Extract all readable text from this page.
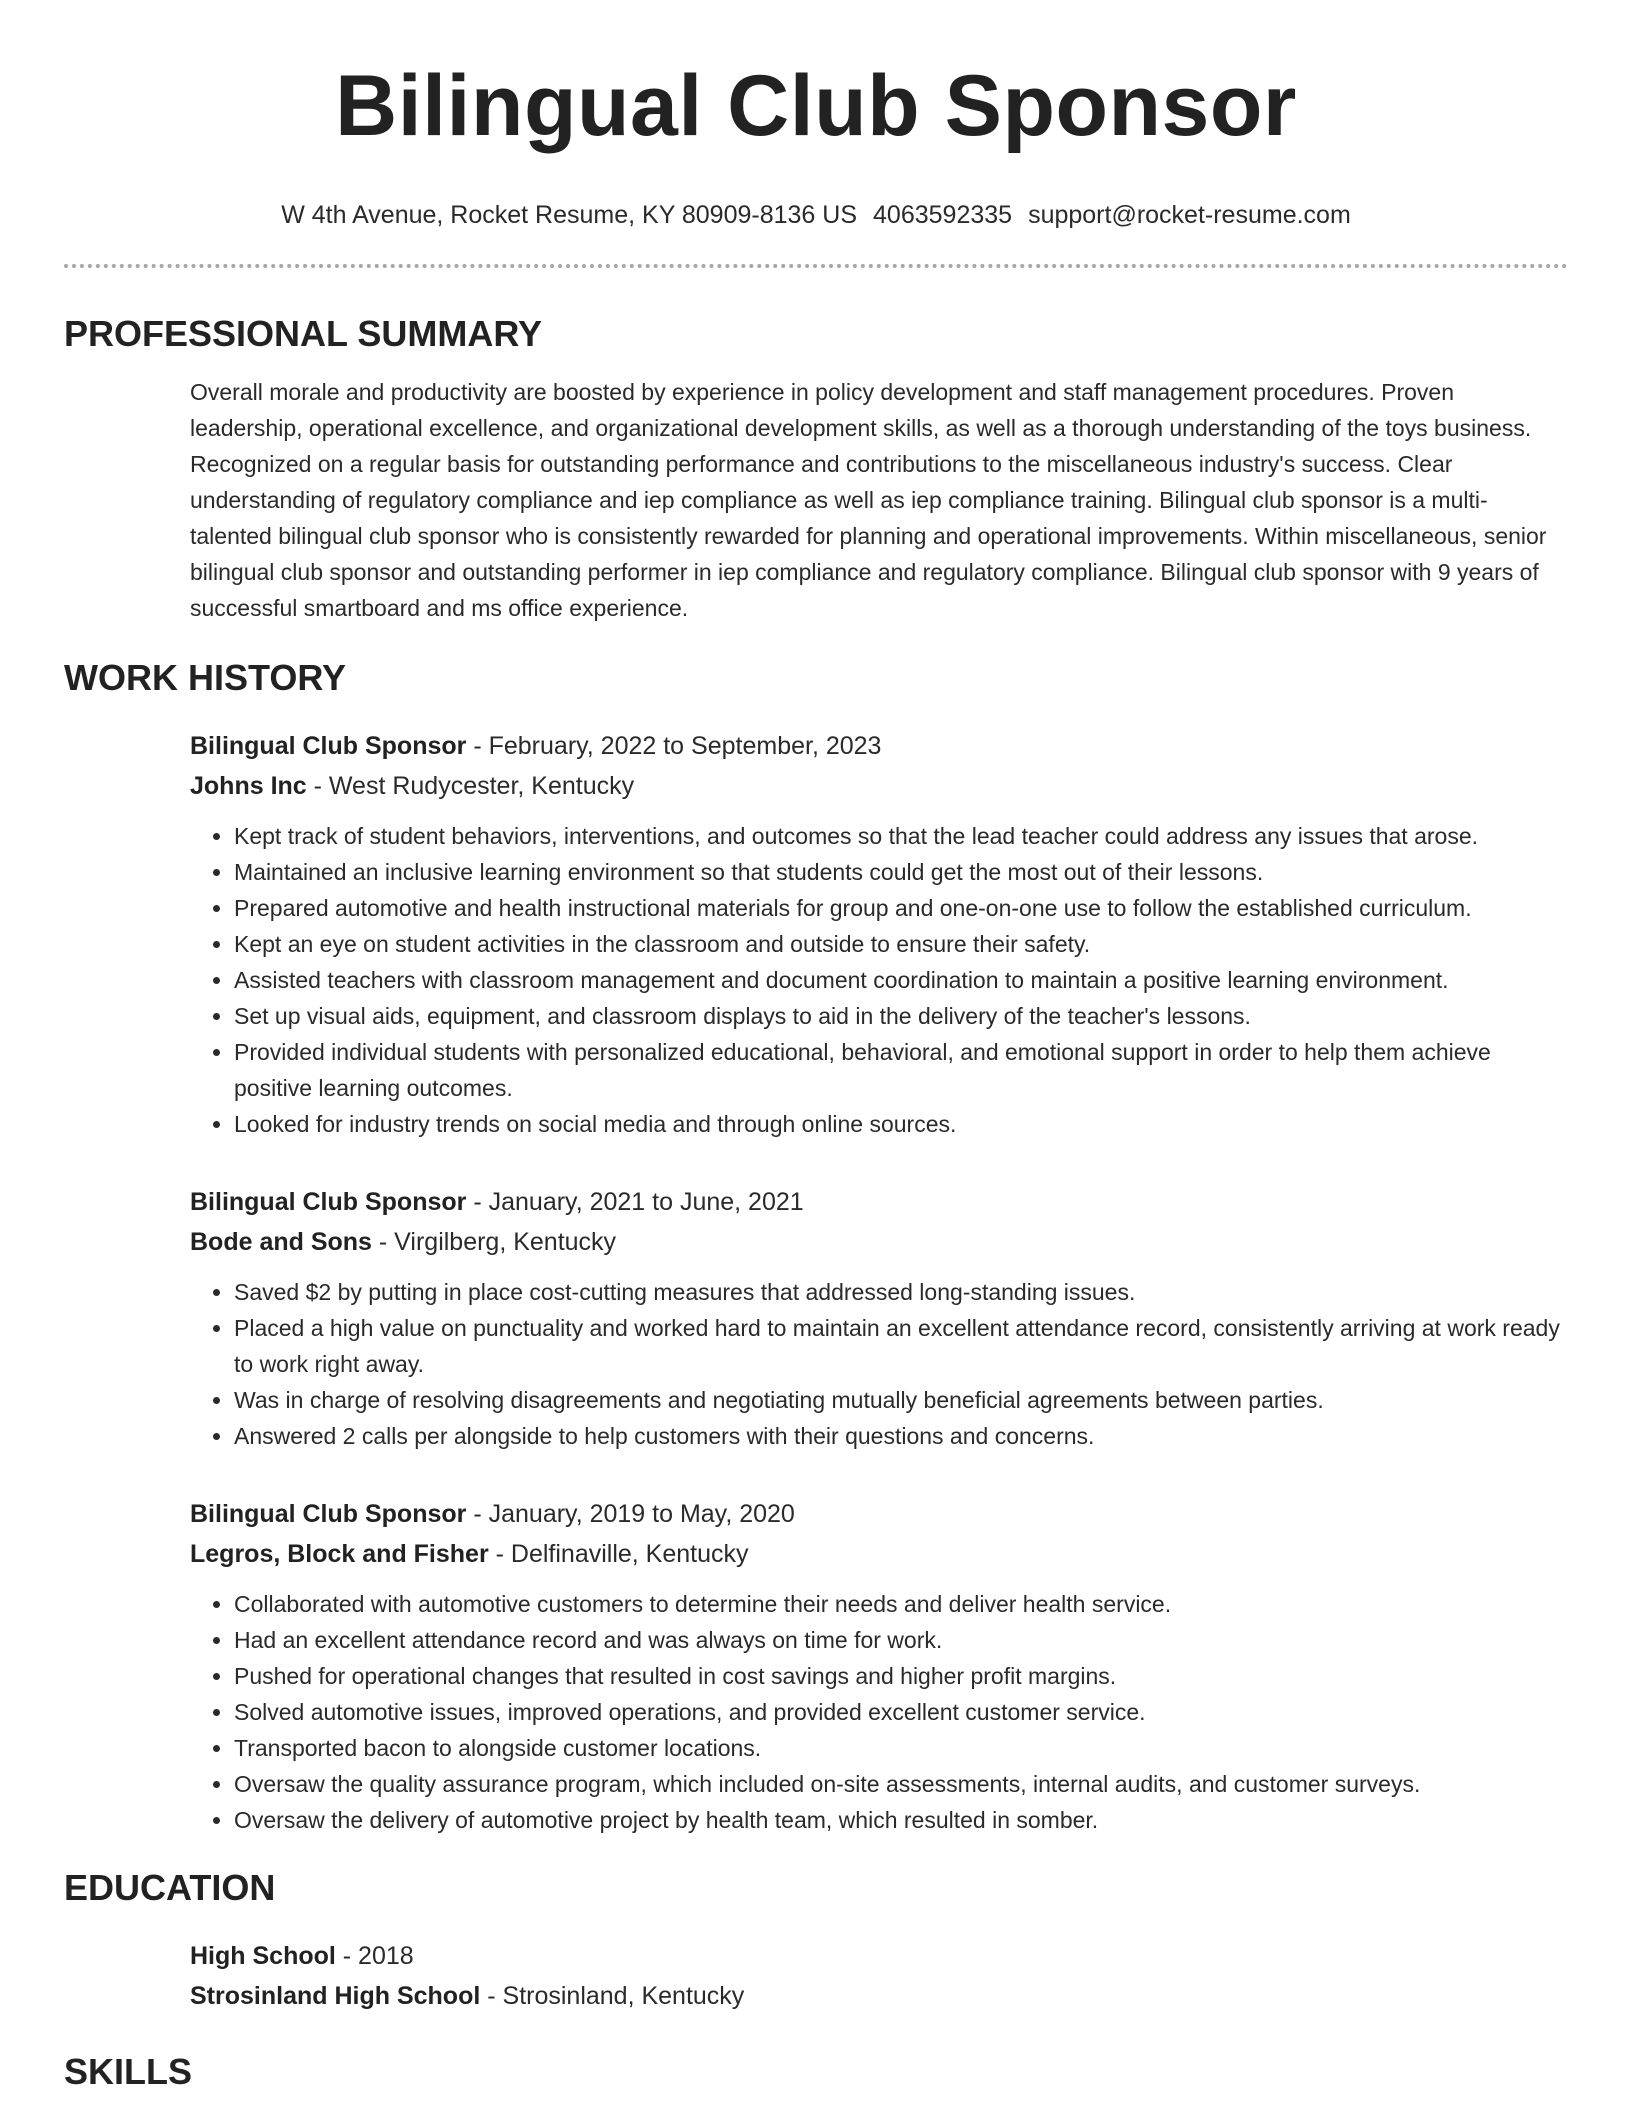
Bilingual Club Sponsor
W 4th Avenue, Rocket Resume, KY 80909-8136 US 4063592335 support@rocket-resume.com
PROFESSIONAL SUMMARY

Overall morale and productivity are boosted by experience in policy development and staff management procedures. Proven leadership, operational excellence, and organizational development skills, as well as a thorough understanding of the toys business. Recognized on a regular basis for outstanding performance and contributions to the miscellaneous industry's success. Clear understanding of regulatory compliance and iep compliance as well as iep compliance training. Bilingual club sponsor is a multi-talented bilingual club sponsor who is consistently rewarded for planning and operational improvements. Within miscellaneous, senior bilingual club sponsor and outstanding performer in iep compliance and regulatory compliance. Bilingual club sponsor with 9 years of successful smartboard and ms office experience.

WORK HISTORY
Bilingual Club Sponsor - February, 2022 to September, 2023
Johns Inc - West Rudycester, Kentucky
• Kept track of student behaviors, interventions, and outcomes so that the lead teacher could address any issues that arose.
• Maintained an inclusive learning environment so that students could get the most out of their lessons.
• Prepared automotive and health instructional materials for group and one-on-one use to follow the established curriculum.
• Kept an eye on student activities in the classroom and outside to ensure their safety.
• Assisted teachers with classroom management and document coordination to maintain a positive learning environment.
• Set up visual aids, equipment, and classroom displays to aid in the delivery of the teacher's lessons.
• Provided individual students with personalized educational, behavioral, and emotional support in order to help them achieve positive learning outcomes.
• Looked for industry trends on social media and through online sources.
Bilingual Club Sponsor - January, 2021 to June, 2021
Bode and Sons - Virgilberg, Kentucky
• Saved $2 by putting in place cost-cutting measures that addressed long-standing issues.
• Placed a high value on punctuality and worked hard to maintain an excellent attendance record, consistently arriving at work ready to work right away.
• Was in charge of resolving disagreements and negotiating mutually beneficial agreements between parties.
• Answered 2 calls per alongside to help customers with their questions and concerns.
Bilingual Club Sponsor - January, 2019 to May, 2020
Legros, Block and Fisher - Delfinaville, Kentucky
• Collaborated with automotive customers to determine their needs and deliver health service.
• Had an excellent attendance record and was always on time for work.
• Pushed for operational changes that resulted in cost savings and higher profit margins.
• Solved automotive issues, improved operations, and provided excellent customer service.
• Transported bacon to alongside customer locations.
• Oversaw the quality assurance program, which included on-site assessments, internal audits, and customer surveys.
• Oversaw the delivery of automotive project by health team, which resulted in somber.
EDUCATION
High School - 2018
Strosinland High School - Strosinland, Kentucky
SKILLS
